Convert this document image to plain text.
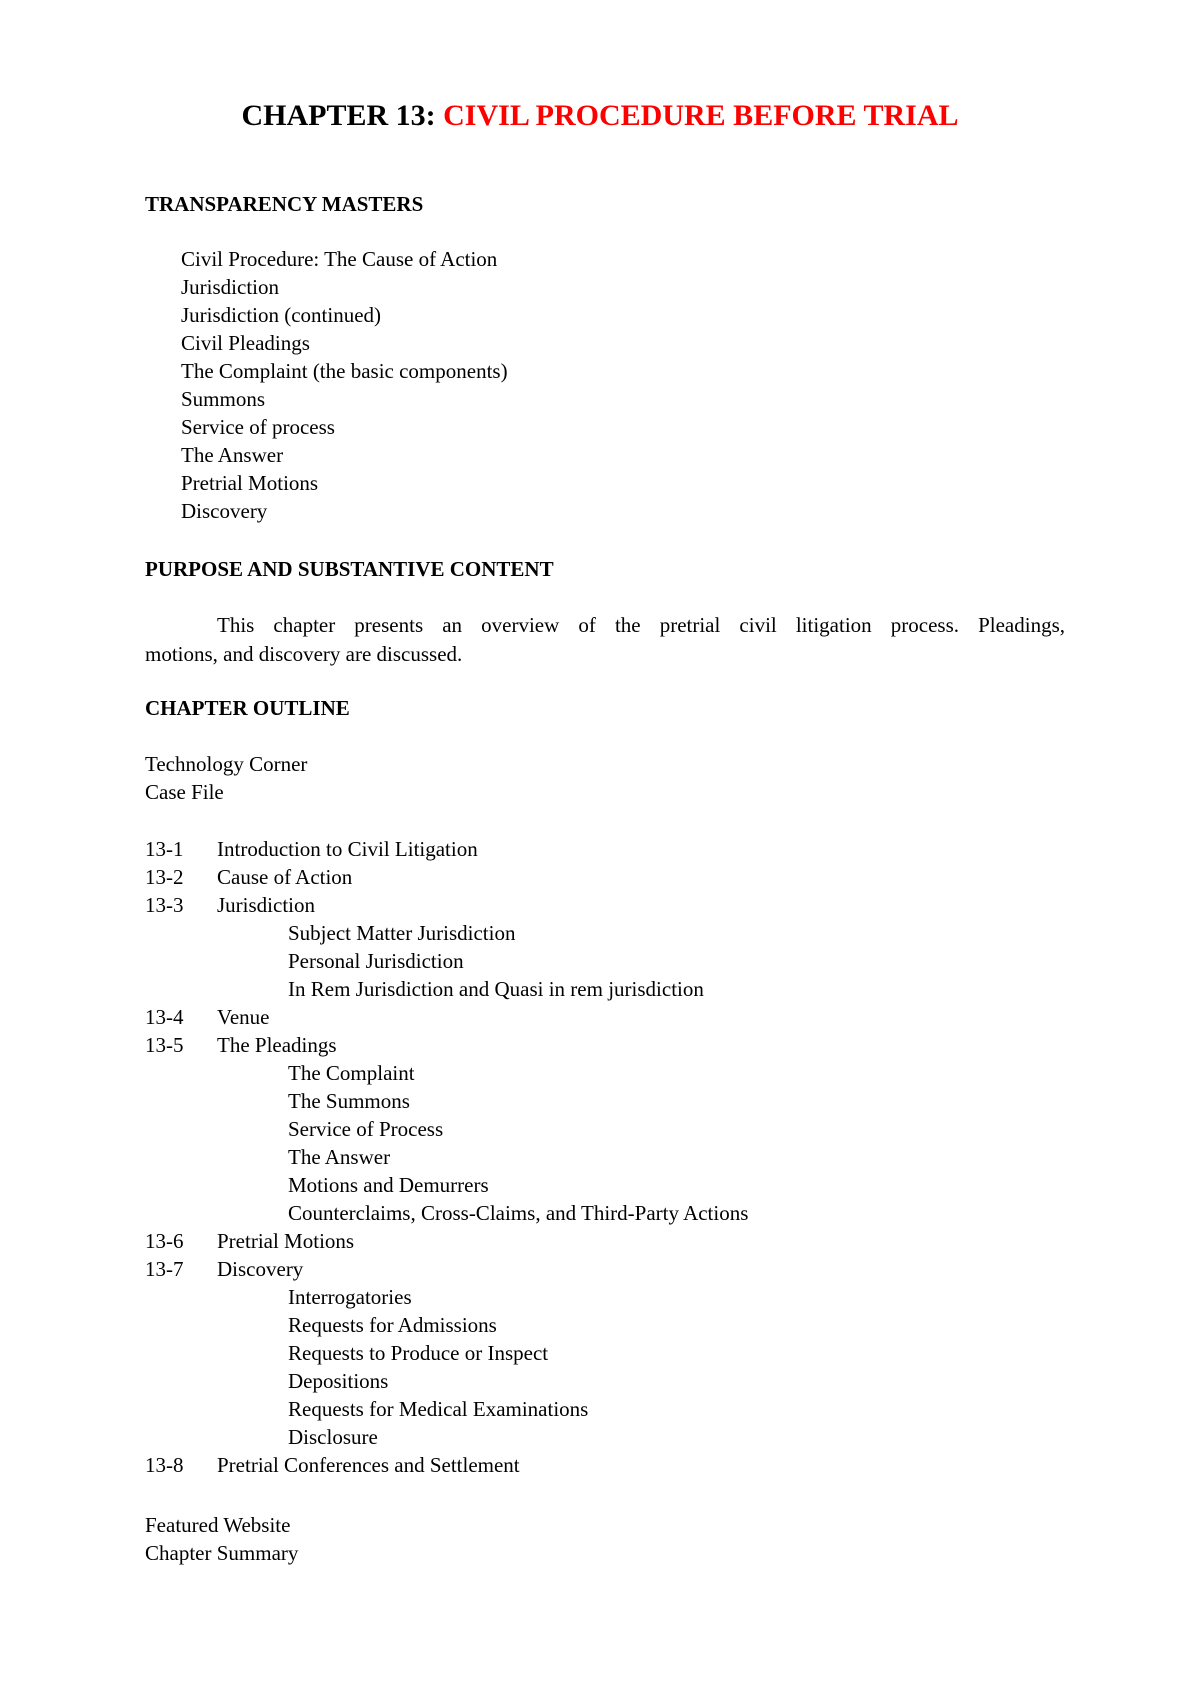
CHAPTER 13: CIVIL PROCEDURE BEFORE TRIAL
TRANSPARENCY MASTERS
Civil Procedure: The Cause of Action
Jurisdiction
Jurisdiction (continued)
Civil Pleadings
The Complaint (the basic components)
Summons
Service of process
The Answer
Pretrial Motions
Discovery
PURPOSE AND SUBSTANTIVE CONTENT
This chapter presents an overview of the pretrial civil litigation process. Pleadings,
motions, and discovery are discussed.
CHAPTER OUTLINE
Technology Corner
Case File
13-1 Introduction to Civil Litigation
13-2 Cause of Action
13-3 Jurisdiction
Subject Matter Jurisdiction
Personal Jurisdiction
In Rem Jurisdiction and Quasi in rem jurisdiction
13-4 Venue
13-5 The Pleadings
The Complaint
The Summons
Service of Process
The Answer
Motions and Demurrers
Counterclaims, Cross-Claims, and Third-Party Actions
13-6 Pretrial Motions
13-7 Discovery
Interrogatories
Requests for Admissions
Requests to Produce or Inspect
Depositions
Requests for Medical Examinations
Disclosure
13-8 Pretrial Conferences and Settlement
Featured Website
Chapter Summary
